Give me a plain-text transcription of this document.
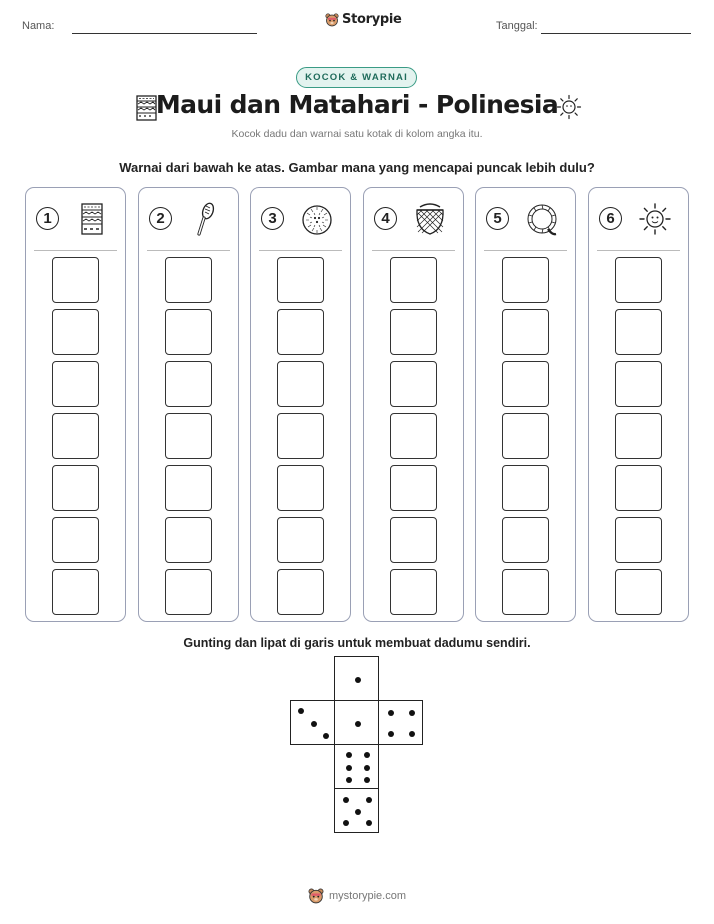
Nama:	Storypie	Tanggal:
KOCOK & WARNAI
Maui dan Matahari - Polinesia
Kocok dadu dan warnai satu kotak di kolom angka itu.
Warnai dari bawah ke atas. Gambar mana yang mencapai puncak lebih dulu?
1	2	3	4	5	6
Gunting dan lipat di garis untuk membuat dadumu sendiri.
mystorypie.com
